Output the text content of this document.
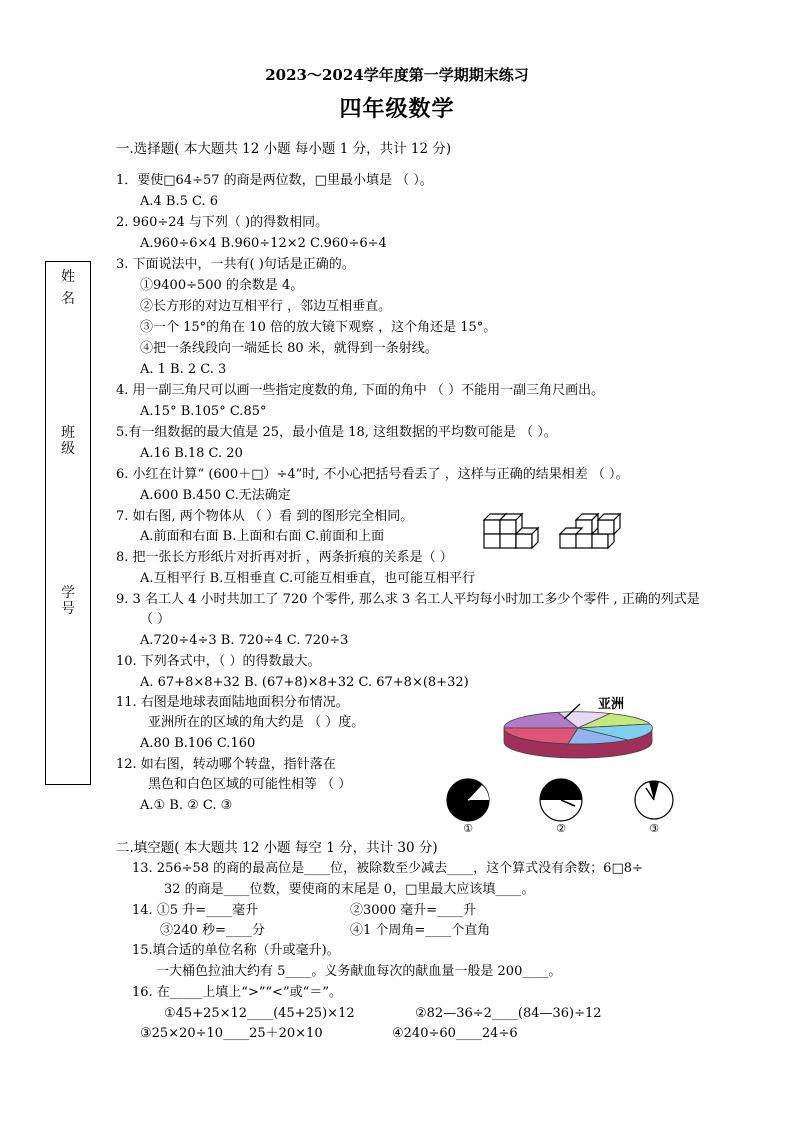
2023～2024学年度第一学期期末练习
四年级数学
姓
名
班
级
学
号
一.选择题( 本大题共 12 小题 每小题 1 分，共计 12 分)
1．要使□64÷57 的商是两位数，□里最小填是 （ ）。
A.4 B.5 C. 6
2. 960÷24 与下列（ )的得数相同。
A.960÷6×4 B.960÷12×2 C.960÷6÷4
3. 下面说法中，一共有( )句话是正确的。
①9400÷500 的余数是 4。
②长方形的对边互相平行 ，邻边互相垂直。
③一个 15°的角在 10 倍的放大镜下观察 ，这个角还是 15°。
④把一条线段向一端延长 80 米，就得到一条射线。
A. 1 B. 2 C. 3
4. 用一副三角尺可以画一些指定度数的角, 下面的角中 （ ）不能用一副三角尺画出。
A.15° B.105° C.85°
5.有一组数据的最大值是 25，最小值是 18, 这组数据的平均数可能是 （ ）。
A.16 B.18 C. 20
6. 小红在计算“ (600＋□）÷4”时, 不小心把括号看丢了 ，这样与正确的结果相差 （ ）。
A.600 B.450 C.无法确定
7. 如右图, 两个物体从 （ ）看 到的图形完全相同。
A.前面和右面 B.上面和右面 C.前面和上面
8. 把一张长方形纸片对折再对折 ，两条折痕的关系是（ ）
A.互相平行 B.互相垂直 C.可能互相垂直，也可能互相平行
9. 3 名工人 4 小时共加工了 720 个零件, 那么求 3 名工人平均每小时加工多少个零件 , 正确的列式是
（ ）
A.720÷4÷3 B. 720÷4 C. 720÷3
10. 下列各式中，（ ）的得数最大。
A. 67+8×8+32 B. (67+8)×8+32 C. 67+8×(8+32)
11. 右图是地球表面陆地面积分布情况。
亚洲所在的区域的角大约是 （ ）度。
A.80 B.106 C.160
12. 如右图，转动哪个转盘，指针落在
黑色和白色区域的可能性相等 （ ）
A.① B. ② C. ③
亚洲
①	②	③
二.填空题( 本大题共 12 小题 每空 1 分，共计 30 分)
13. 256÷58 的商的最高位是____位，被除数至少减去____，这个算式没有余数；6□8÷
32 的商是____位数，要使商的末尾是 0，□里最大应该填____。
14. ①5 升=____毫升	②3000 毫升=____升
③240 秒=____分	④1 个周角=____个直角
15.填合适的单位名称（升或毫升)。
一大桶色拉油大约有 5____。义务献血每次的献血量一般是 200____。
16. 在_____上填上“>”“<”或“＝”。
①45+25×12____(45+25)×12	②82—36÷2____(84—36)÷12
③25×20÷10____25＋20×10	④240÷60____24÷6
